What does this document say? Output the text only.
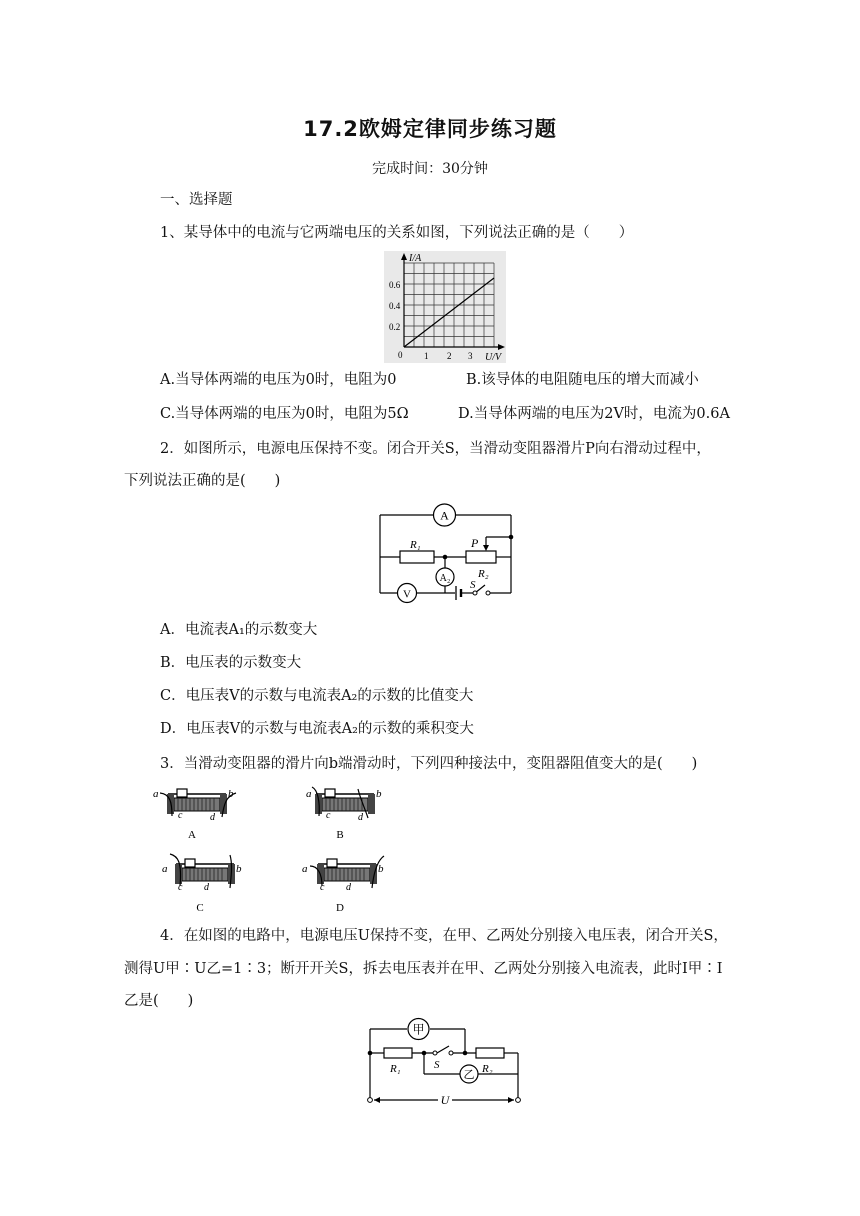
17.2欧姆定律同步练习题
完成时间：30分钟
一、选择题
1、某导体中的电流与它两端电压的关系如图，下列说法正确的是（　　）
I/A
0.6
0.4
0.2
0 1 2 3 U/V
A.当导体两端的电压为0时，电阻为0	B.该导体的电阻随电压的增大而减小
C.当导体两端的电压为0时，电阻为5Ω	D.当导体两端的电压为2V时，电流为0.6A
2．如图所示，电源电压保持不变。闭合开关S，当滑动变阻器滑片P向右滑动过程中，
下列说法正确的是(　　)
A
A₂
V
R₁	P
R₂
S
A．电流表A₁的示数变大
B．电压表的示数变大
C．电压表V的示数与电流表A₂的示数的比值变大
D．电压表V的示数与电流表A₂的示数的乘积变大
3．当滑动变阻器的滑片向b端滑动时，下列四种接法中，变阻器阻值变大的是(　　)
a	b
c	d
A
a	b
c	d
B
a	b
c d
C
a	b
c d
D
4．在如图的电路中，电源电压U保持不变，在甲、乙两处分别接入电压表，闭合开关S，
测得U甲∶U乙=1∶3；断开开关S，拆去电压表并在甲、乙两处分别接入电流表，此时I甲∶I
乙是(　　)
甲
乙
R₁	R₂
S
U
